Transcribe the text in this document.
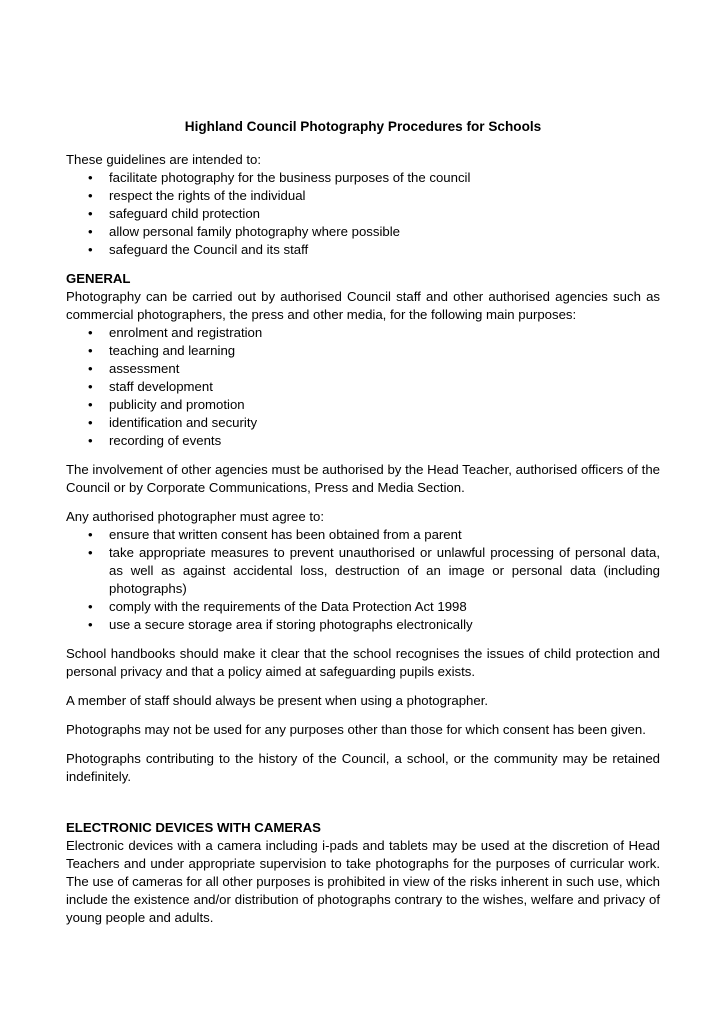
Highland Council Photography Procedures for Schools

These guidelines are intended to:

• facilitate photography for the business purposes of the council
• respect the rights of the individual
• safeguard child protection
• allow personal family photography where possible
• safeguard the Council and its staff
GENERAL

Photography can be carried out by authorised Council staff and other authorised agencies such as commercial photographers, the press and other media, for the following main purposes:

• enrolment and registration
• teaching and learning
• assessment
• staff development
• publicity and promotion
• identification and security
• recording of events

The involvement of other agencies must be authorised by the Head Teacher, authorised officers of the Council or by Corporate Communications, Press and Media Section.

Any authorised photographer must agree to:

• ensure that written consent has been obtained from a parent
• take appropriate measures to prevent unauthorised or unlawful processing of personal data, as well as against accidental loss, destruction of an image or personal data (including photographs)
• comply with the requirements of the Data Protection Act 1998
• use a secure storage area if storing photographs electronically

School handbooks should make it clear that the school recognises the issues of child protection and personal privacy and that a policy aimed at safeguarding pupils exists.

A member of staff should always be present when using a photographer.

Photographs may not be used for any purposes other than those for which consent has been given.

Photographs contributing to the history of the Council, a school, or the community may be retained indefinitely.

ELECTRONIC DEVICES WITH CAMERAS

Electronic devices with a camera including i-pads and tablets may be used at the discretion of Head Teachers and under appropriate supervision to take photographs for the purposes of curricular work. The use of cameras for all other purposes is prohibited in view of the risks inherent in such use, which include the existence and/or distribution of photographs contrary to the wishes, welfare and privacy of young people and adults.
